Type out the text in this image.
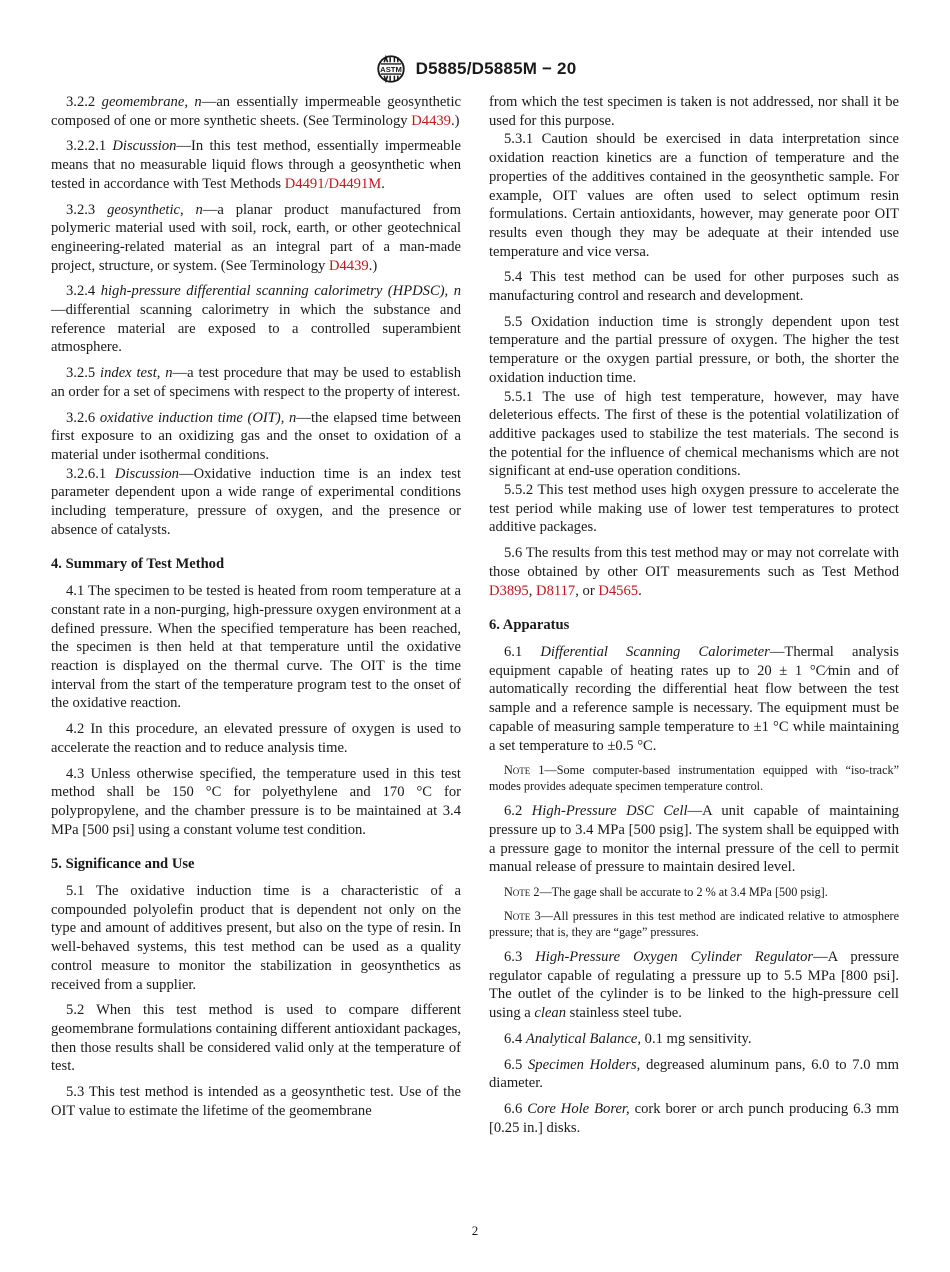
ASTM D5885/D5885M − 20

3.2.2 geomembrane, n—an essentially impermeable geosynthetic composed of one or more synthetic sheets. (See Terminology D4439.)

3.2.2.1 Discussion—In this test method, essentially impermeable means that no measurable liquid flows through a geosynthetic when tested in accordance with Test Methods D4491/D4491M.

3.2.3 geosynthetic, n—a planar product manufactured from polymeric material used with soil, rock, earth, or other geotechnical engineering-related material as an integral part of a man-made project, structure, or system. (See Terminology D4439.)

3.2.4 high-pressure differential scanning calorimetry (HPDSC), n—differential scanning calorimetry in which the substance and reference material are exposed to a controlled superambient atmosphere.

3.2.5 index test, n—a test procedure that may be used to establish an order for a set of specimens with respect to the property of interest.

3.2.6 oxidative induction time (OIT), n—the elapsed time between first exposure to an oxidizing gas and the onset to oxidation of a material under isothermal conditions.

3.2.6.1 Discussion—Oxidative induction time is an index test parameter dependent upon a wide range of experimental conditions including temperature, pressure of oxygen, and the presence or absence of catalysts.

4. Summary of Test Method

4.1 The specimen to be tested is heated from room temperature at a constant rate in a non-purging, high-pressure oxygen environment at a defined pressure. When the specified temperature has been reached, the specimen is then held at that temperature until the oxidative reaction is displayed on the thermal curve. The OIT is the time interval from the start of the temperature program test to the onset of the oxidative reaction.

4.2 In this procedure, an elevated pressure of oxygen is used to accelerate the reaction and to reduce analysis time.

4.3 Unless otherwise specified, the temperature used in this test method shall be 150 °C for polyethylene and 170 °C for polypropylene, and the chamber pressure is to be maintained at 3.4 MPa [500 psi] using a constant volume test condition.

5. Significance and Use

5.1 The oxidative induction time is a characteristic of a compounded polyolefin product that is dependent not only on the type and amount of additives present, but also on the type of resin. In well-behaved systems, this test method can be used as a quality control measure to monitor the stabilization in geosynthetics as received from a supplier.

5.2 When this test method is used to compare different geomembrane formulations containing different antioxidant packages, then those results shall be considered valid only at the temperature of test.

5.3 This test method is intended as a geosynthetic test. Use of the OIT value to estimate the lifetime of the geomembrane

from which the test specimen is taken is not addressed, nor shall it be used for this purpose.

5.3.1 Caution should be exercised in data interpretation since oxidation reaction kinetics are a function of temperature and the properties of the additives contained in the geosynthetic sample. For example, OIT values are often used to select optimum resin formulations. Certain antioxidants, however, may generate poor OIT results even though they may be adequate at their intended use temperature and vice versa.

5.4 This test method can be used for other purposes such as manufacturing control and research and development.

5.5 Oxidation induction time is strongly dependent upon test temperature and the partial pressure of oxygen. The higher the test temperature or the oxygen partial pressure, or both, the shorter the oxidation induction time.

5.5.1 The use of high test temperature, however, may have deleterious effects. The first of these is the potential volatilization of additive packages used to stabilize the test materials. The second is the potential for the influence of chemical mechanisms which are not significant at end-use operation conditions.

5.5.2 This test method uses high oxygen pressure to accelerate the test period while making use of lower test temperatures to protect additive packages.

5.6 The results from this test method may or may not correlate with those obtained by other OIT measurements such as Test Method D3895, D8117, or D4565.

6. Apparatus

6.1 Differential Scanning Calorimeter—Thermal analysis equipment capable of heating rates up to 20 ± 1 °C⁄min and of automatically recording the differential heat flow between the test sample and a reference sample is necessary. The equipment must be capable of measuring sample temperature to ±1 °C while maintaining a set temperature to ±0.5 °C.

Note 1—Some computer-based instrumentation equipped with “iso-track” modes provides adequate specimen temperature control.

6.2 High-Pressure DSC Cell—A unit capable of maintaining pressure up to 3.4 MPa [500 psig]. The system shall be equipped with a pressure gage to monitor the internal pressure of the cell to permit manual release of pressure to maintain desired level.

Note 2—The gage shall be accurate to 2 % at 3.4 MPa [500 psig].
Note 3—All pressures in this test method are indicated relative to atmosphere pressure; that is, they are “gage” pressures.

6.3 High-Pressure Oxygen Cylinder Regulator—A pressure regulator capable of regulating a pressure up to 5.5 MPa [800 psi]. The outlet of the cylinder is to be linked to the high-pressure cell using a clean stainless steel tube.

6.4 Analytical Balance, 0.1 mg sensitivity.

6.5 Specimen Holders, degreased aluminum pans, 6.0 to 7.0 mm diameter.

6.6 Core Hole Borer, cork borer or arch punch producing 6.3 mm [0.25 in.] disks.

2
